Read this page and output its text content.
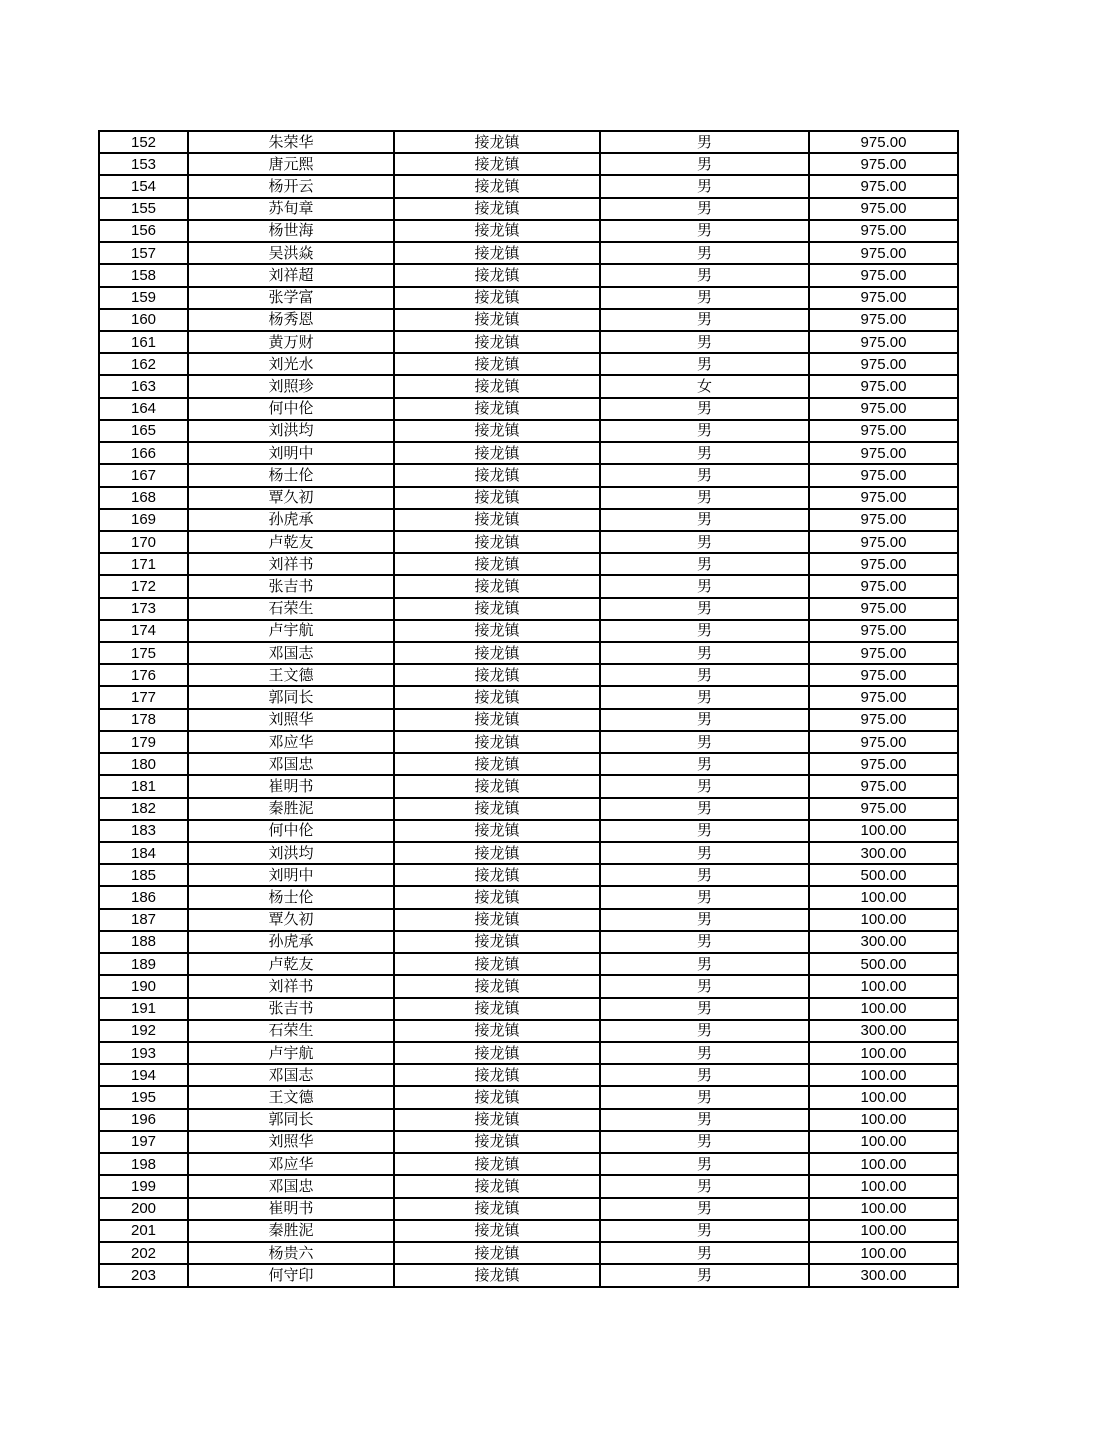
152	朱荣华	接龙镇	男	975.00
153	唐元熙	接龙镇	男	975.00
154	杨开云	接龙镇	男	975.00
155	苏旬章	接龙镇	男	975.00
156	杨世海	接龙镇	男	975.00
157	吴洪焱	接龙镇	男	975.00
158	刘祥超	接龙镇	男	975.00
159	张学富	接龙镇	男	975.00
160	杨秀恩	接龙镇	男	975.00
161	黄万财	接龙镇	男	975.00
162	刘光水	接龙镇	男	975.00
163	刘照珍	接龙镇	女	975.00
164	何中伦	接龙镇	男	975.00
165	刘洪均	接龙镇	男	975.00
166	刘明中	接龙镇	男	975.00
167	杨士伦	接龙镇	男	975.00
168	覃久初	接龙镇	男	975.00
169	孙虎承	接龙镇	男	975.00
170	卢乾友	接龙镇	男	975.00
171	刘祥书	接龙镇	男	975.00
172	张吉书	接龙镇	男	975.00
173	石荣生	接龙镇	男	975.00
174	卢宇航	接龙镇	男	975.00
175	邓国志	接龙镇	男	975.00
176	王文德	接龙镇	男	975.00
177	郭同长	接龙镇	男	975.00
178	刘照华	接龙镇	男	975.00
179	邓应华	接龙镇	男	975.00
180	邓国忠	接龙镇	男	975.00
181	崔明书	接龙镇	男	975.00
182	秦胜泥	接龙镇	男	975.00
183	何中伦	接龙镇	男	100.00
184	刘洪均	接龙镇	男	300.00
185	刘明中	接龙镇	男	500.00
186	杨士伦	接龙镇	男	100.00
187	覃久初	接龙镇	男	100.00
188	孙虎承	接龙镇	男	300.00
189	卢乾友	接龙镇	男	500.00
190	刘祥书	接龙镇	男	100.00
191	张吉书	接龙镇	男	100.00
192	石荣生	接龙镇	男	300.00
193	卢宇航	接龙镇	男	100.00
194	邓国志	接龙镇	男	100.00
195	王文德	接龙镇	男	100.00
196	郭同长	接龙镇	男	100.00
197	刘照华	接龙镇	男	100.00
198	邓应华	接龙镇	男	100.00
199	邓国忠	接龙镇	男	100.00
200	崔明书	接龙镇	男	100.00
201	秦胜泥	接龙镇	男	100.00
202	杨贵六	接龙镇	男	100.00
203	何守印	接龙镇	男	300.00
